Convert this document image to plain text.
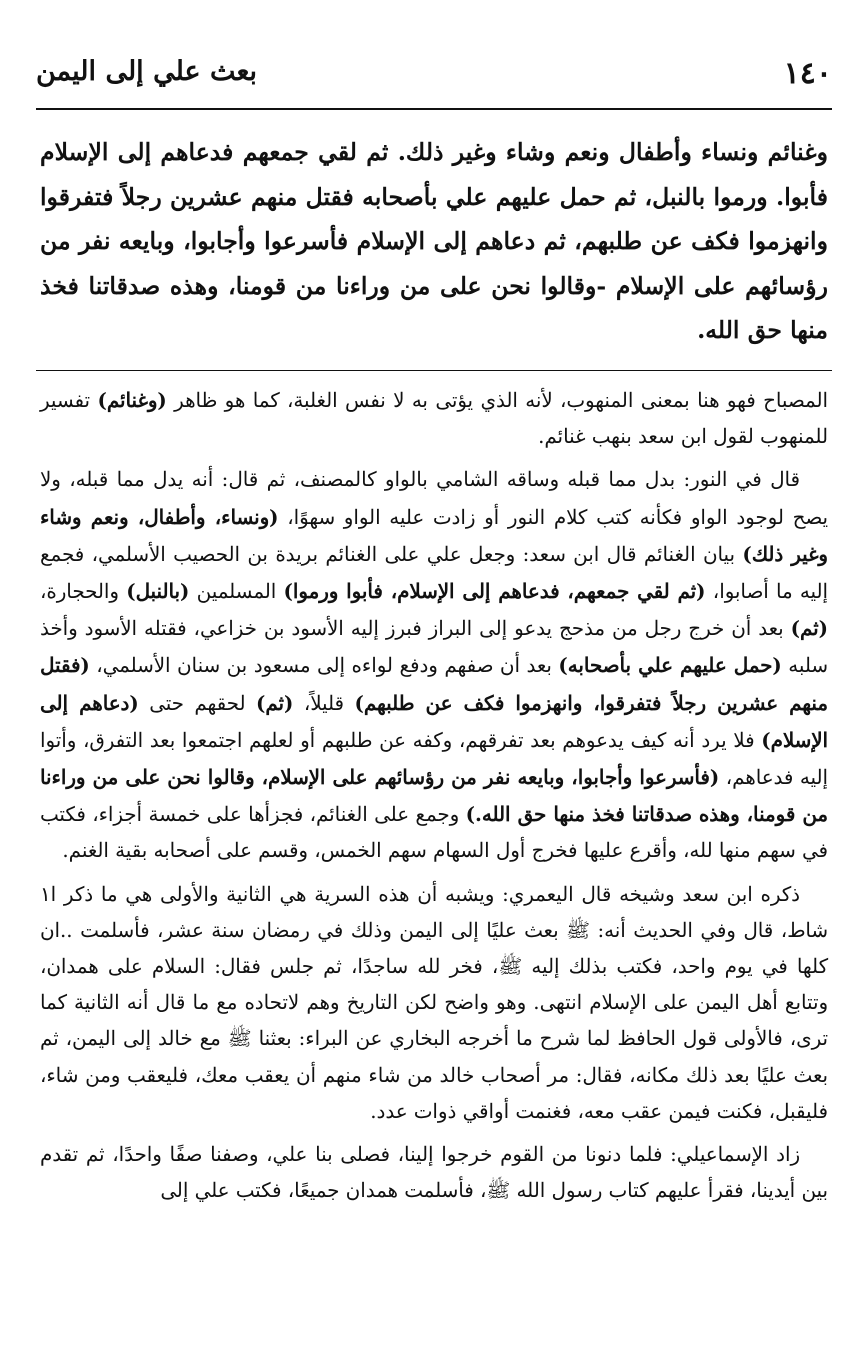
١٤٠
بعث علي إلى اليمن
وغنائم ونساء وأطفال ونعم وشاء وغير ذلك. ثم لقي جمعهم فدعاهم إلى الإسلام فأبوا. ورموا بالنبل، ثم حمل عليهم علي بأصحابه فقتل منهم عشرين رجلاً فتفرقوا وانهزموا فكف عن طلبهم، ثم دعاهم إلى الإسلام فأسرعوا وأجابوا، وبايعه نفر من رؤسائهم على الإسلام -وقالوا نحن على من وراءنا من قومنا، وهذه صدقاتنا فخذ منها حق الله.

المصباح فهو هنا بمعنى المنهوب، لأنه الذي يؤتى به لا نفس الغلبة، كما هو ظاهر (وغنائم) تفسير للمنهوب لقول ابن سعد بنهب غنائم.

قال في النور: بدل مما قبله وساقه الشامي بالواو كالمصنف، ثم قال: أنه يدل مما قبله، ولا يصح لوجود الواو فكأنه كتب كلام النور أو زادت عليه الواو سهوًا، (ونساء، وأطفال، ونعم وشاء وغير ذلك) بيان الغنائم قال ابن سعد: وجعل علي على الغنائم بريدة بن الحصيب الأسلمي، فجمع إليه ما أصابوا، (ثم لقي جمعهم، فدعاهم إلى الإسلام، فأبوا ورموا) المسلمين (بالنبل) والحجارة، (ثم) بعد أن خرج رجل من مذحج يدعو إلى البراز فبرز إليه الأسود بن خزاعي، فقتله الأسود وأخذ سلبه (حمل عليهم علي بأصحابه) بعد أن صفهم ودفع لواءه إلى مسعود بن سنان الأسلمي، (فقتل منهم عشرين رجلاً فتفرقوا، وانهزموا فكف عن طلبهم) قليلاً، (ثم) لحقهم حتى (دعاهم إلى الإسلام) فلا يرد أنه كيف يدعوهم بعد تفرقهم، وكفه عن طلبهم أو لعلهم اجتمعوا بعد التفرق، وأتوا إليه فدعاهم، (فأسرعوا وأجابوا، وبايعه نفر من رؤسائهم على الإسلام، وقالوا نحن على من وراءنا من قومنا، وهذه صدقاتنا فخذ منها حق الله.) وجمع على الغنائم، فجزأها على خمسة أجزاء، فكتب في سهم منها لله، وأقرع عليها فخرج أول السهام سهم الخمس، وقسم على أصحابه بقية الغنم.

ذكره ابن سعد وشيخه قال اليعمري: ويشبه أن هذه السرية هي الثانية والأولى هي ما ذكر ا١ شاط، قال وفي الحديث أنه: ﷺ بعث عليًا إلى اليمن وذلك في رمضان سنة عشر، فأسلمت ..ان كلها في يوم واحد، فكتب بذلك إليه ﷺ، فخر لله ساجدًا، ثم جلس فقال: السلام على همدان، وتتابع أهل اليمن على الإسلام انتهى. وهو واضح لكن التاريخ وهم لاتحاده مع ما قال أنه الثانية كما ترى، فالأولى قول الحافظ لما شرح ما أخرجه البخاري عن البراء: بعثنا ﷺ مع خالد إلى اليمن، ثم بعث عليًا بعد ذلك مكانه، فقال: مر أصحاب خالد من شاء منهم أن يعقب معك، فليعقب ومن شاء، فليقبل، فكنت فيمن عقب معه، فغنمت أواقي ذوات عدد.

زاد الإسماعيلي: فلما دنونا من القوم خرجوا إلينا، فصلى بنا علي، وصفنا صفًا واحدًا، ثم تقدم بين أيدينا، فقرأ عليهم كتاب رسول الله ﷺ، فأسلمت همدان جميعًا، فكتب علي إلى
